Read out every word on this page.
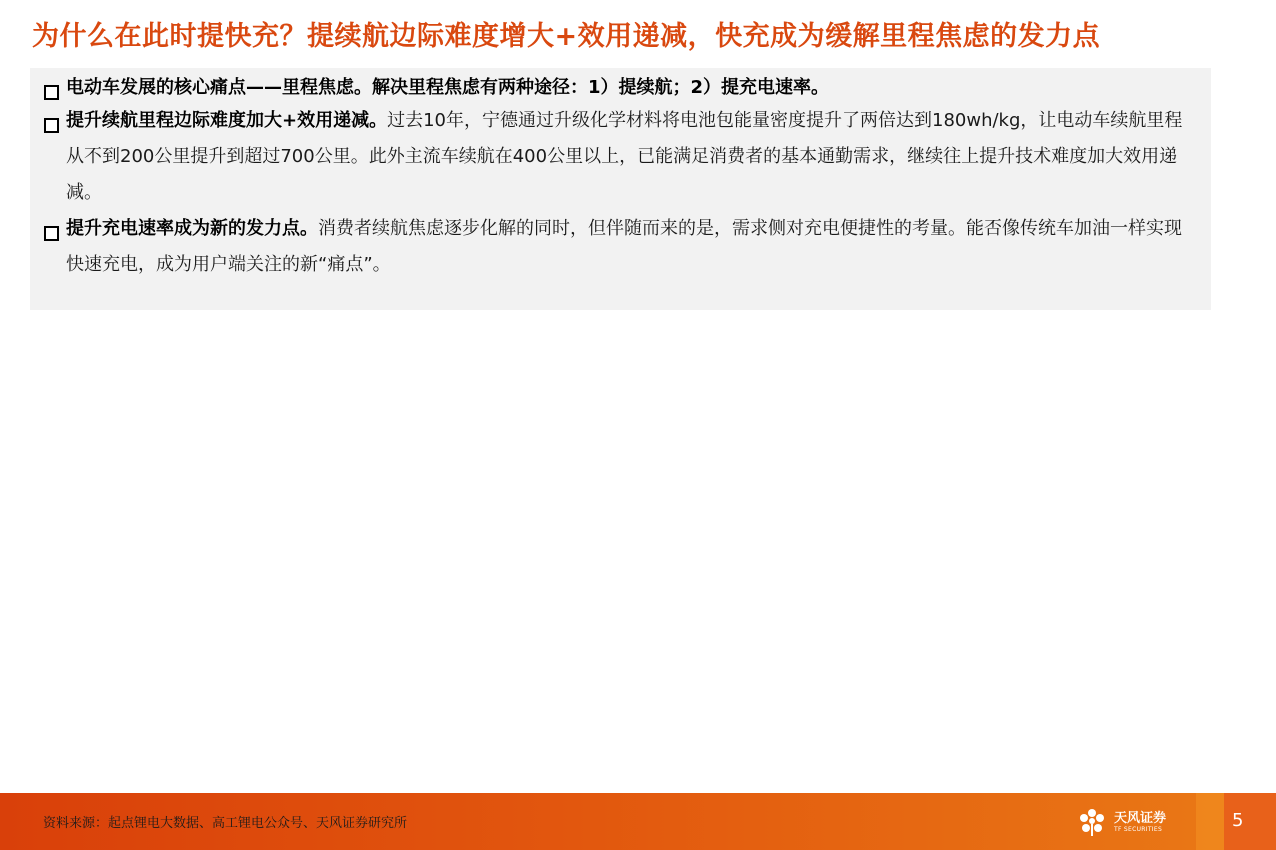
为什么在此时提快充？提续航边际难度增大+效用递减，快充成为缓解里程焦虑的发力点
电动车发展的核心痛点——里程焦虑。解决里程焦虑有两种途径：1）提续航；2）提充电速率。
提升续航里程边际难度加大+效用递减。过去10年，宁德通过升级化学材料将电池包能量密度提升了两倍达到180wh/kg，让电动车续航里程从不到200公里提升到超过700公里。此外主流车续航在400公里以上，已能满足消费者的基本通勤需求，继续往上提升技术难度加大效用递减。
提升充电速率成为新的发力点。消费者续航焦虑逐步化解的同时，但伴随而来的是，需求侧对充电便捷性的考量。能否像传统车加油一样实现快速充电，成为用户端关注的新“痛点”。
资料来源：起点锂电大数据、高工锂电公众号、天风证券研究所	天风证券
TF SECURITIES	5
